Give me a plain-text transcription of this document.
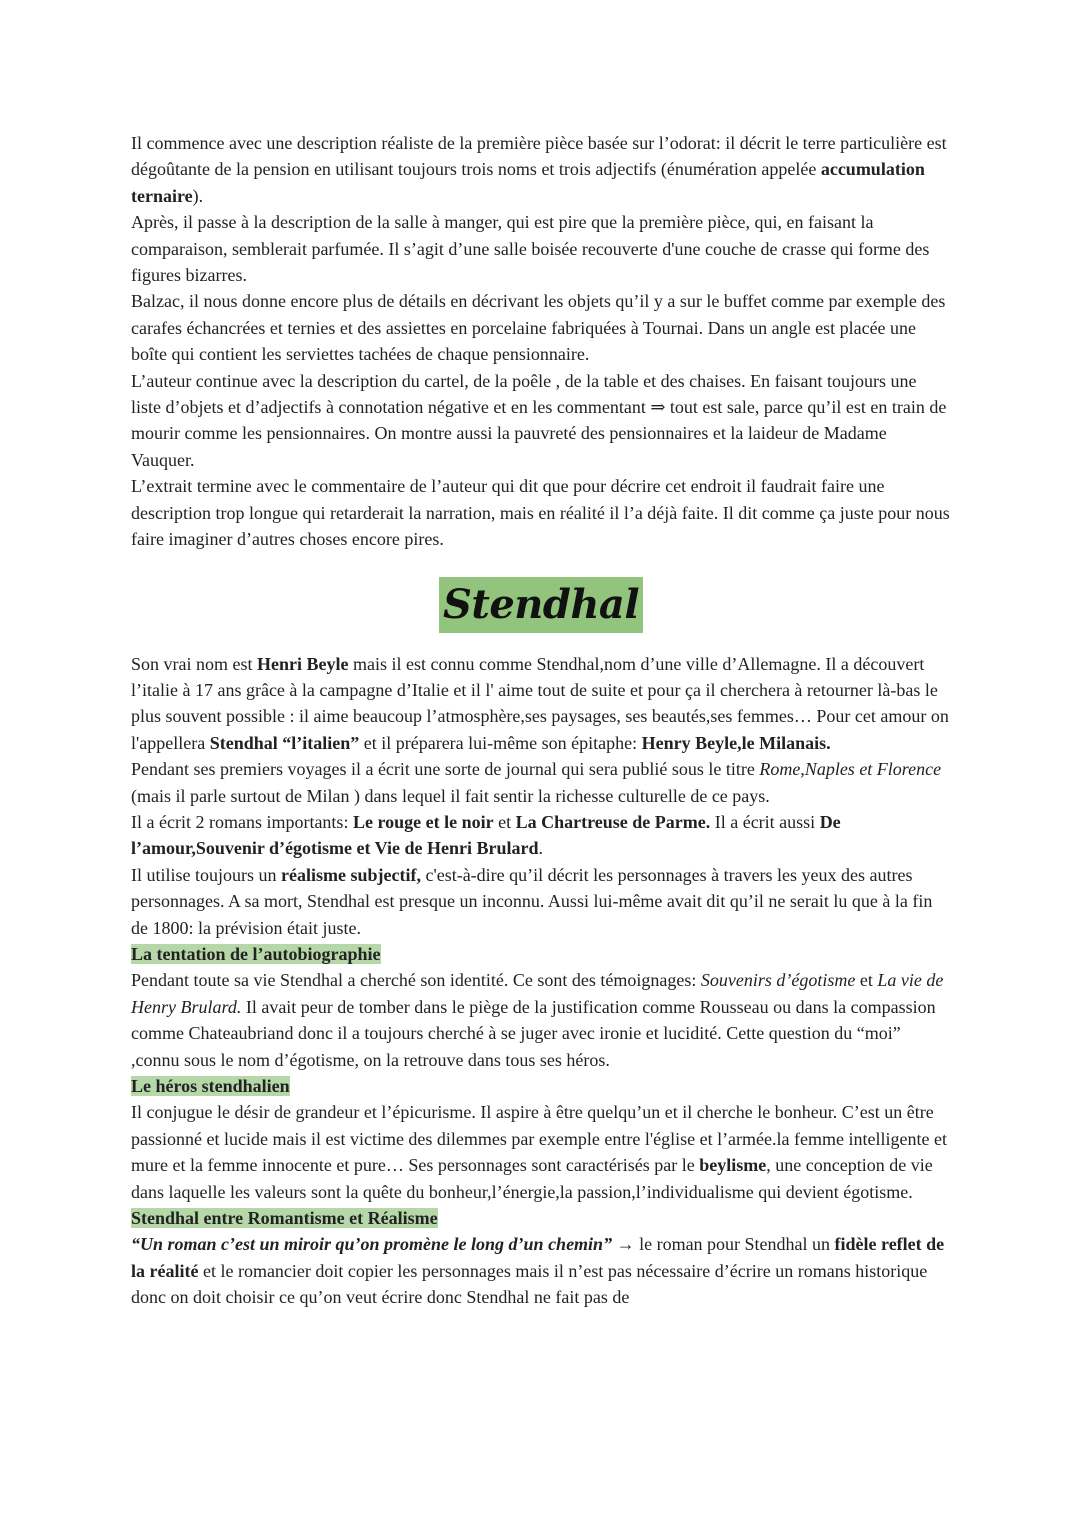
Il commence avec une description réaliste de la première pièce basée sur l’odorat: il décrit le terre particulière est dégoûtante de la pension en utilisant toujours trois noms et trois adjectifs (énumération appelée accumulation ternaire).
Après, il passe à la description de la salle à manger, qui est pire que la première pièce, qui, en faisant la comparaison, semblerait parfumée. Il s’agit d’une salle boisée recouverte d'une couche de crasse qui forme des figures bizarres.
Balzac, il nous donne encore plus de détails en décrivant les objets qu’il y a sur le buffet comme par exemple des carafes échancrées et ternies et des assiettes en porcelaine fabriquées à Tournai. Dans un angle est placée une boîte qui contient les serviettes tachées de chaque pensionnaire.
L’auteur continue avec la description du cartel, de la poêle , de la table et des chaises. En faisant toujours une liste d’objets et d’adjectifs à connotation négative et en les commentant ⇒ tout est sale, parce qu’il est en train de mourir comme les pensionnaires. On montre aussi la pauvreté des pensionnaires et la laideur de Madame Vauquer.
L’extrait termine avec le commentaire de l’auteur qui dit que pour décrire cet endroit il faudrait faire une description trop longue qui retarderait la narration, mais en réalité il l’a déjà faite. Il dit comme ça juste pour nous faire imaginer d’autres choses encore pires.

Stendhal

Son vrai nom est Henri Beyle mais il est connu comme Stendhal,nom d’une ville d’Allemagne. Il a découvert l’italie à 17 ans grâce à la campagne d’Italie et il l' aime tout de suite et pour ça il cherchera à retourner là-bas le plus souvent possible : il aime beaucoup l’atmosphère,ses paysages, ses beautés,ses femmes… Pour cet amour on l'appellera Stendhal “l’italien” et il préparera lui-même son épitaphe: Henry Beyle,le Milanais.
Pendant ses premiers voyages il a écrit une sorte de journal qui sera publié sous le titre Rome,Naples et Florence (mais il parle surtout de Milan ) dans lequel il fait sentir la richesse culturelle de ce pays.
Il a écrit 2 romans importants: Le rouge et le noir et La Chartreuse de Parme. Il a écrit aussi De l’amour,Souvenir d’égotisme et Vie de Henri Brulard.
Il utilise toujours un réalisme subjectif, c'est-à-dire qu’il décrit les personnages à travers les yeux des autres personnages. A sa mort, Stendhal est presque un inconnu. Aussi lui-même avait dit qu’il ne serait lu que à la fin de 1800: la prévision était juste.
La tentation de l’autobiographie
Pendant toute sa vie Stendhal a cherché son identité. Ce sont des témoignages: Souvenirs d’égotisme et La vie de Henry Brulard. Il avait peur de tomber dans le piège de la justification comme Rousseau ou dans la compassion comme Chateaubriand donc il a toujours cherché à se juger avec ironie et lucidité. Cette question du “moi” ,connu sous le nom d’égotisme, on la retrouve dans tous ses héros.
Le héros stendhalien
Il conjugue le désir de grandeur et l’épicurisme. Il aspire à être quelqu’un et il cherche le bonheur. C’est un être passionné et lucide mais il est victime des dilemmes par exemple entre l'église et l’armée.la femme intelligente et mure et la femme innocente et pure… Ses personnages sont caractérisés par le beylisme, une conception de vie dans laquelle les valeurs sont la quête du bonheur,l’énergie,la passion,l’individualisme qui devient égotisme.
Stendhal entre Romantisme et Réalisme
“Un roman c’est un miroir qu’on promène le long d’un chemin” → le roman pour Stendhal un fidèle reflet de la réalité et le romancier doit copier les personnages mais il n’est pas nécessaire d’écrire un romans historique donc on doit choisir ce qu’on veut écrire donc Stendhal ne fait pas de
